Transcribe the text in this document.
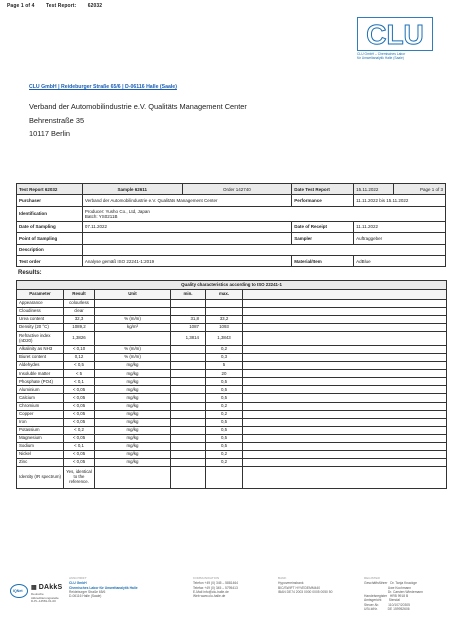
Page 1 of 4 Test Report: 62032
CLU
CLU GmbH – Chemisches Labor
für Umweltanalytik Halle (Saale)
CLU GmbH | Reideburger Straße 65/6 | D-06116 Halle (Saale)
Verband der Automobilindustrie e.V. Qualitäts Management Center
Behrenstraße 35
10117 Berlin
Test Report 62032	Sample 62611	Order 142740	Date Test Report	15.11.2022	Page 1 of 3
Purchaser	Verband der Automobilindustrie e.V. Qualitäts Management Center		Performance	11.11.2022 bis 15.11.2022	
Identification	Producer: Yusho Co., Ltd, Japan
Batch: YS0211B				

Date of Sampling	07.11.2022		Date of Receipt	11.11.2022	
Point of Sampling			Sampler	Auftraggeber	
Description					
Test order	Analyse gemäß ISO 22241-1:2019		Material/Item	AdBlue	
Results:
Quality characteristics according to ISO 22241-1					
Parameter	Result	Unit	min.	max.	
Appearance	colourless				
Cloudiness	clear				
Urea content	32,3	% (m/m)	31,8	33,2	
Density (20 °C)	1089,2	kg/m³	1087	1093	
Refractive index (nD20)	1,3826		1,3814	1,3843	
Alkalinity as NH3	< 0,10	% (m/m)		0,2	
Biuret content	0,12	% (m/m)		0,3	
Aldehydes	< 0,5	mg/kg		5	
Insoluble matter	< 5	mg/kg		20	
Phosphate (PO4)	< 0,1	mg/kg		0,5	
Aluminium	< 0,05	mg/kg		0,5	
Calcium	< 0,05	mg/kg		0,5	
Chromium	< 0,05	mg/kg		0,2	
Copper	< 0,05	mg/kg		0,2	
Iron	< 0,05	mg/kg		0,5	
Potassium	< 0,2	mg/kg		0,5	
Magnesium	< 0,05	mg/kg		0,5	
Sodium	< 0,1	mg/kg		0,5	
Nickel	< 0,05	mg/kg		0,2	
Zinc	< 0,05	mg/kg		0,2	
Identity (IR spectrum)	Yes, identical to the reference.				
IQNet	▦ DAkkS
Deutsche
Akkreditierungsstelle
D-PL-14581-01-00
ANSCHRIFT
CLU GmbH
Chemisches Labor für Umweltanalytik Halle
Reideburger Straße 65/6
D-06116 Halle (Saale)
KOMMUNIKATION
Telefon +49 (0) 345 – 5881464
Telefax +49 (0) 345 – 5795413
E-Mail info@clu-halle.de
Web www.clu-halle.de
BANK
Hypovereinsbank
BIC/SWIFT HYVEDEMM440
IBAN DE74 2003 0000 0005 0050 50
REGISTER
Geschäftsführer   Dr. Tanja Knackge
Uwe Kochmann
Dr. Carsten Wiedemann
Handelsregister   HRB 9918 B
Amtsgericht        Stendal
Steuer-Nr.          110/107/20305
USt-IdNr.           DE 159952606
